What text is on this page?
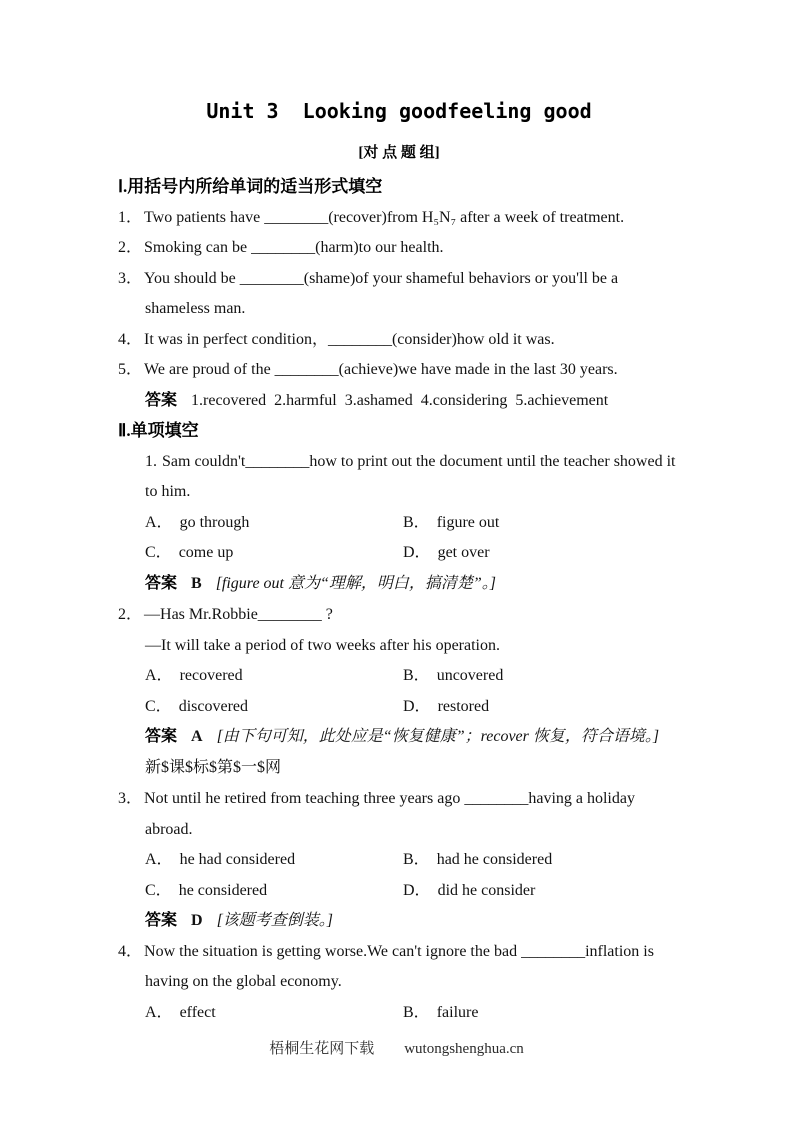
Unit 3  Looking goodfeeling good
[对 点 题 组]
Ⅰ.用括号内所给单词的适当形式填空
1． Two patients have ________(recover)from H₅N₇ after a week of treatment.
2． Smoking can be ________(harm)to our health.
3． You should be ________(shame)of your shameful behaviors or you'll be a shameless man.
4． It was in perfect condition，________(consider)how old it was.
5． We are proud of the ________(achieve)we have made in the last 30 years.
答案 1.recovered  2.harmful  3.ashamed  4.considering  5.achievement
Ⅱ.单项填空
1. Sam couldn't________how to print out the document until the teacher showed it to him.
A． go through	B． figure out
C． come up	D． get over
答案 B [figure out 意为“理解，明白，搞清楚”。]
2． —Has Mr.Robbie________ ?
—It will take a period of two weeks after his operation.
A． recovered	B． uncovered
C． discovered	D． restored
答案 A [由下句可知，此处应是“恢复健康”；recover 恢复，符合语境。]
新$课$标$第$一$网
3． Not until he retired from teaching three years ago ________having a holiday abroad.
A． he had considered	B． had he considered
C． he considered	D． did he consider
答案 D [该题考查倒装。]
4． Now the situation is getting worse.We can't ignore the bad ________inflation is having on the global economy.
A． effect	B． failure
梧桐生花网下载 wutongshenghua.cn
